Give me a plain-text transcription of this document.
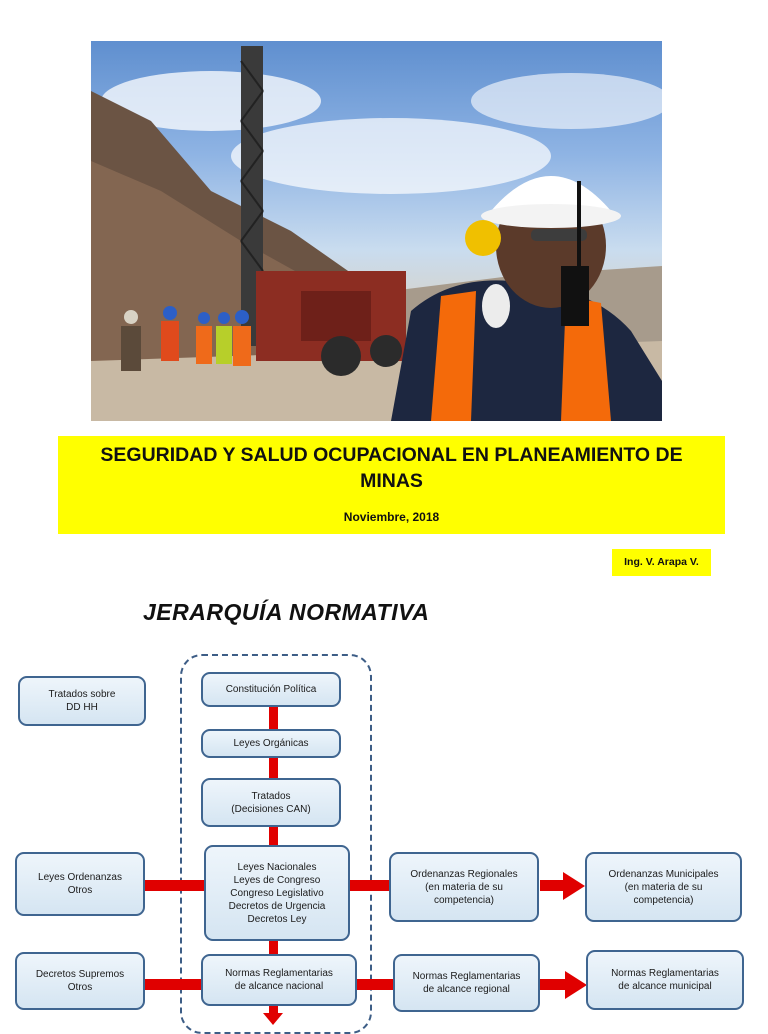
SEGURIDAD Y SALUD OCUPACIONAL EN PLANEAMIENTO DE MINAS
Noviembre, 2018
Ing. V. Arapa V.
JERARQUÍA NORMATIVA
Tratados sobre
DD HH
Constitución Política
Leyes Orgánicas
Tratados
(Decisiones CAN)
Leyes Ordenanzas
Otros
Leyes Nacionales
Leyes de Congreso
Congreso Legislativo
Decretos de Urgencia
Decretos Ley
Ordenanzas Regionales
(en materia de su
competencia)
Ordenanzas Municipales
(en materia de su
competencia)
Decretos Supremos
Otros
Normas Reglamentarias
de alcance nacional
Normas Reglamentarias
de alcance regional
Normas Reglamentarias
de alcance municipal
